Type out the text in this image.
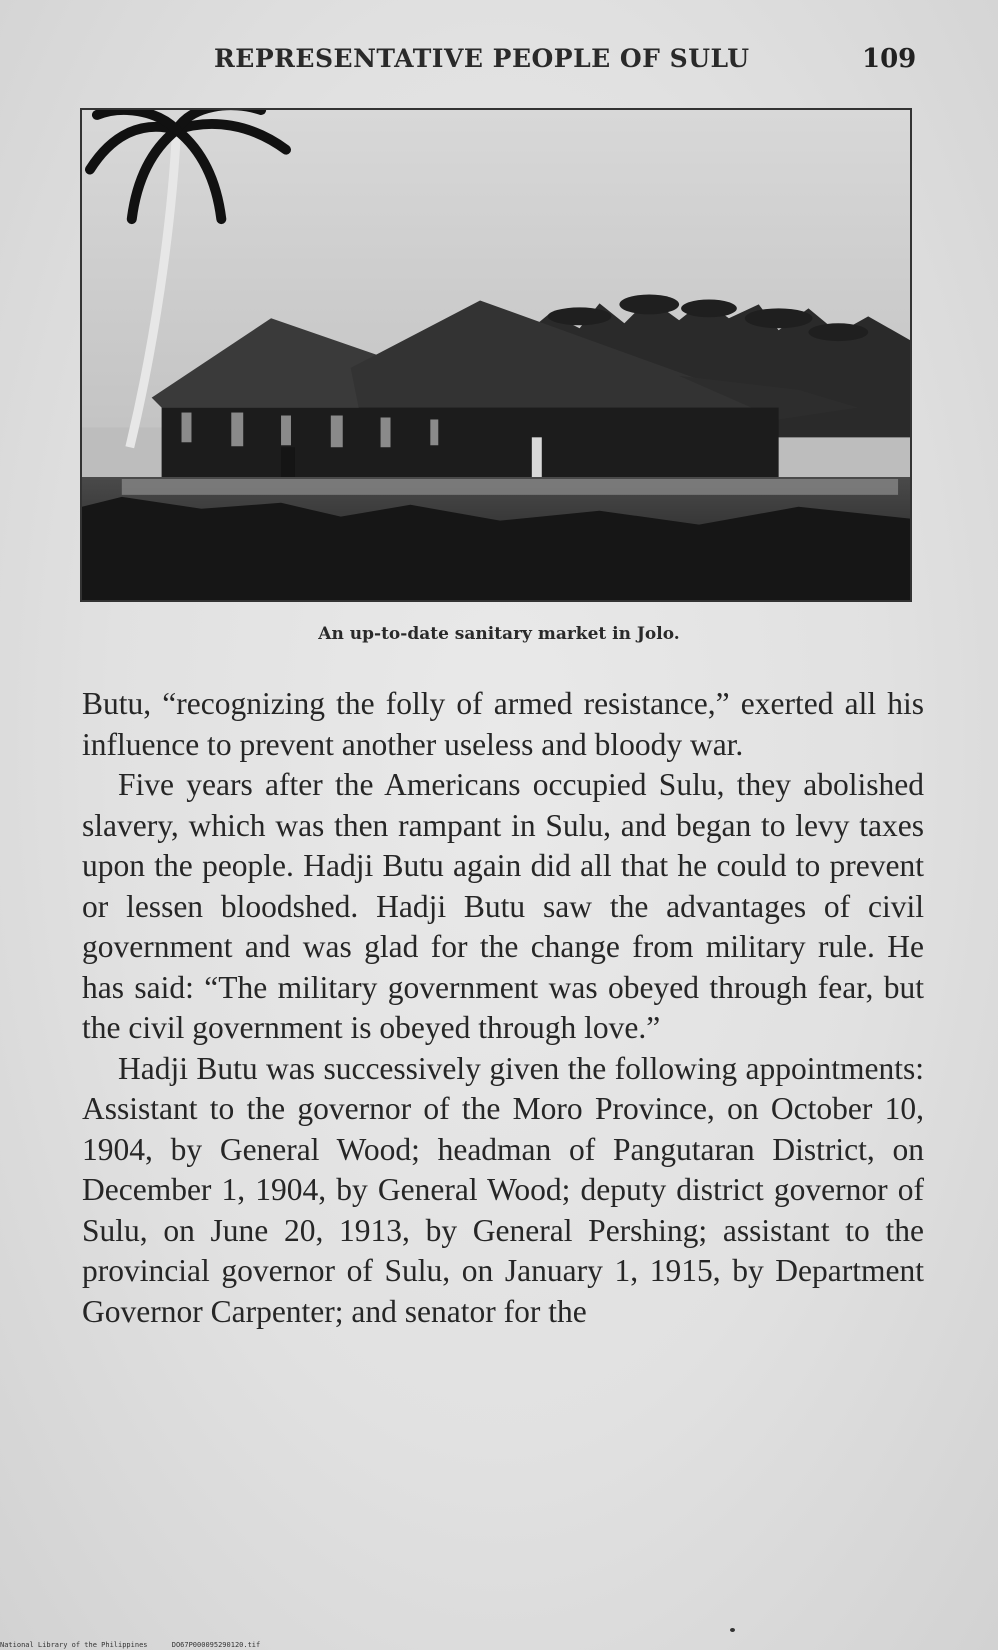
REPRESENTATIVE PEOPLE OF SULU	109
An up-to-date sanitary market in Jolo.

Butu, “recognizing the folly of armed resistance,” exerted all his influence to prevent another useless and bloody war.

Five years after the Americans occupied Sulu, they abolished slavery, which was then rampant in Sulu, and began to levy taxes upon the people. Hadji Butu again did all that he could to prevent or lessen bloodshed. Hadji Butu saw the advantages of civil government and was glad for the change from military rule. He has said: “The military government was obeyed through fear, but the civil government is obeyed through love.”

Hadji Butu was successively given the following appointments: Assistant to the governor of the Moro Province, on October 10, 1904, by General Wood; headman of Pangutaran District, on December 1, 1904, by General Wood; deputy district governor of Sulu, on June 20, 1913, by General Pershing; assistant to the provincial governor of Sulu, on January 1, 1915, by Department Governor Carpenter; and senator for the

National Library of the Philippines	DO67P000095290120.tif
